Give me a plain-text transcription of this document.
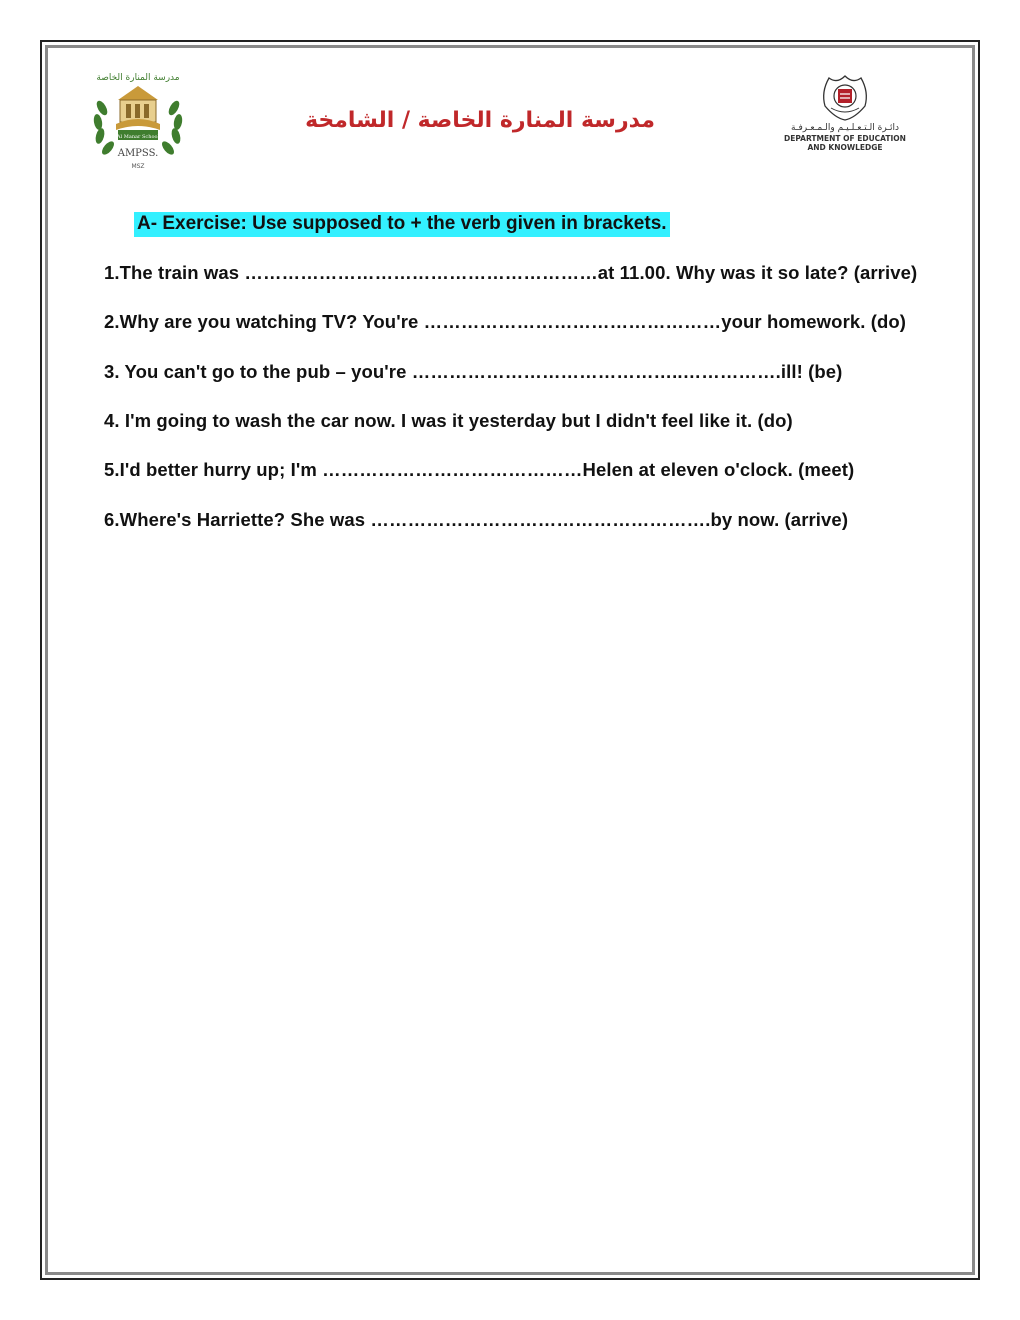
مدرسة المنارة الخاصة
Al Manar School
AMPSS.
MSZ
مدرسة المنارة الخاصة / الشامخة	دائـرة الـتـعـلـيـم والـمـعـرفـة
DEPARTMENT OF EDUCATION
AND KNOWLEDGE
A- Exercise: Use supposed to + the verb given in brackets.
1.The train was …………………………………………………at 11.00. Why was it so late? (arrive)
2.Why are you watching TV? You're …………………………………………your homework. (do)
3. You can't go to the pub – you're ……………………………………..…………….ill! (be)
4. I'm going to wash the car now. I was it yesterday but I didn't feel like it. (do)
5.I'd better hurry up; I'm ……………………………………Helen at eleven o'clock. (meet)
6.Where's Harriette? She was ……………………………………………….by now. (arrive)
